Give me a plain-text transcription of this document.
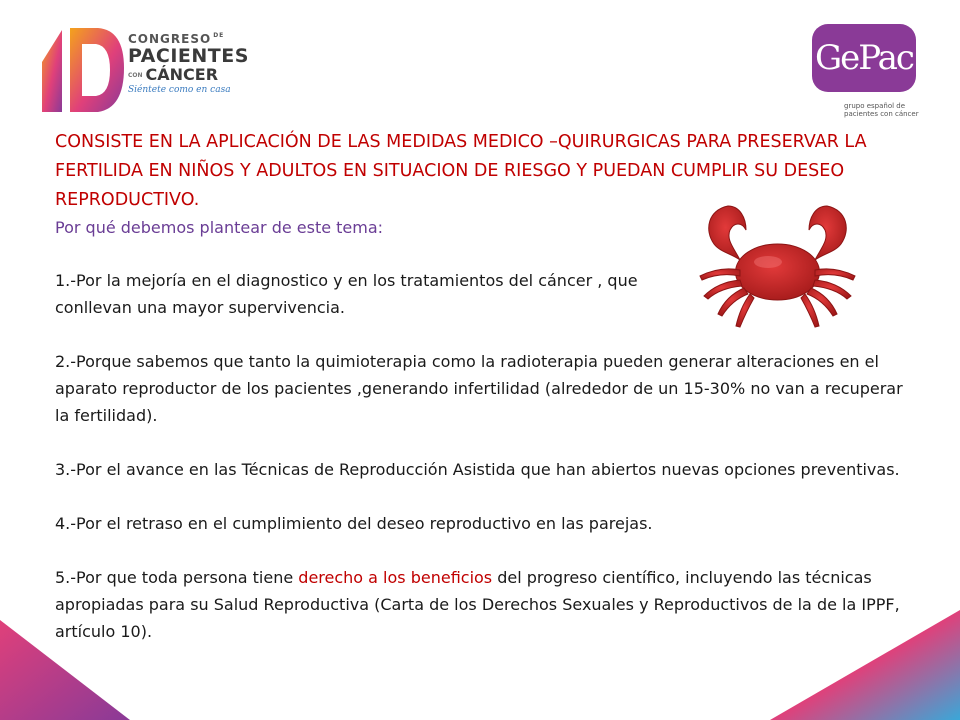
CONGRESO $^{DE}$
PACIENTES
CON CÁNCER
Siéntete como en casa
GePac
grupo español de
pacientes con cáncer

CONSISTE EN LA APLICACIÓN DE LAS MEDIDAS MEDICO –QUIRURGICAS PARA PRESERVAR LA FERTILIDA EN NIÑOS Y ADULTOS EN SITUACION DE RIESGO Y PUEDAN CUMPLIR SU DESEO REPRODUCTIVO.

Por qué debemos plantear de este tema:

1.-Por la mejoría en el diagnostico y en los tratamientos del cáncer , que conllevan una mayor supervivencia.

2.-Porque sabemos que tanto la quimioterapia como la radioterapia pueden generar alteraciones en el aparato reproductor de los pacientes ,generando infertilidad (alrededor de un 15-30% no van a recuperar la fertilidad).

3.-Por el avance en las Técnicas de Reproducción Asistida que han abiertos nuevas opciones preventivas.

4.-Por el retraso en el cumplimiento del deseo reproductivo en las parejas.

5.-Por que toda persona tiene derecho a los beneficios del progreso científico, incluyendo las técnicas apropiadas para su Salud Reproductiva (Carta de los Derechos Sexuales y Reproductivos de la de la IPPF, artículo 10).
